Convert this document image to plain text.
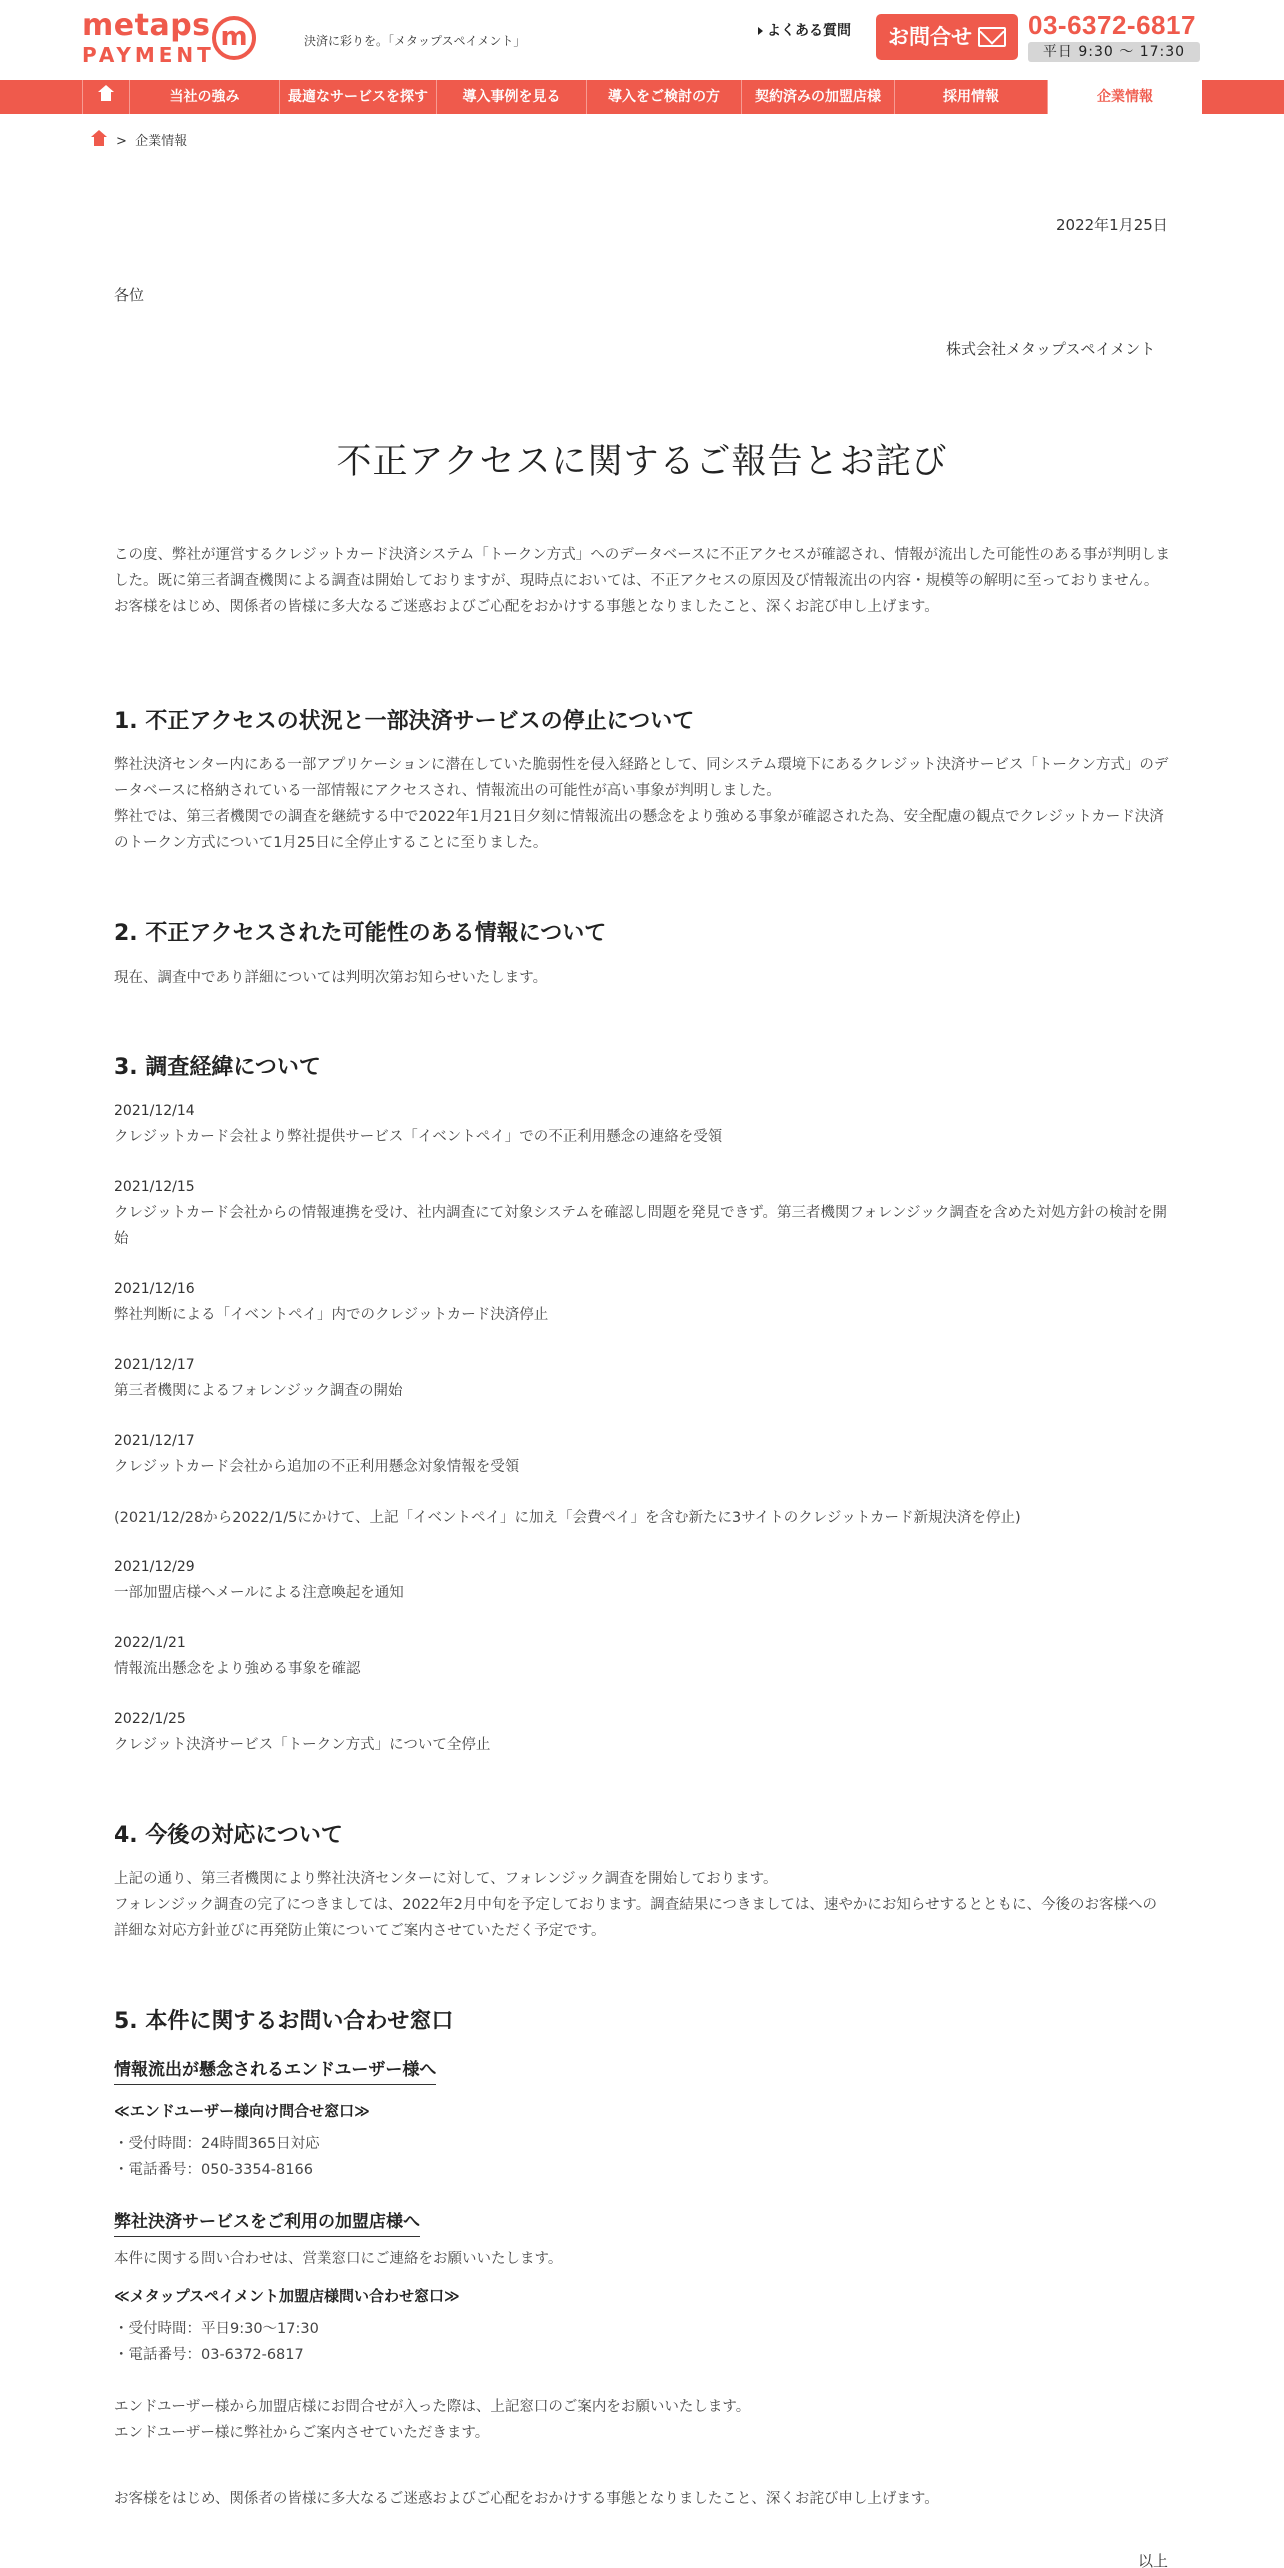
metaps
PAYMENT
m	決済に彩りを。「メタップスペイメント」
よくある質問	お問合せ	03-6372-6817
平日 9:30 〜 17:30
当社の強み	最適なサービスを探す	導入事例を見る	導入をご検討の方	契約済みの加盟店様	採用情報	企業情報
> 企業情報
2022年1月25日
各位
株式会社メタップスペイメント
不正アクセスに関するご報告とお詫び
この度、弊社が運営するクレジットカード決済システム「トークン方式」へのデータベースに不正アクセスが確認され、情報が流出した可能性のある事が判明しました。既に第三者調査機関による調査は開始しておりますが、現時点においては、不正アクセスの原因及び情報流出の内容・規模等の解明に至っておりません。
お客様をはじめ、関係者の皆様に多大なるご迷惑およびご心配をおかけする事態となりましたこと、深くお詫び申し上げます。
1. 不正アクセスの状況と一部決済サービスの停止について
弊社決済センター内にある一部アプリケーションに潜在していた脆弱性を侵入経路として、同システム環境下にあるクレジット決済サービス「トークン方式」のデータベースに格納されている一部情報にアクセスされ、情報流出の可能性が高い事象が判明しました。
弊社では、第三者機関での調査を継続する中で2022年1月21日夕刻に情報流出の懸念をより強める事象が確認された為、安全配慮の観点でクレジットカード決済のトークン方式について1月25日に全停止することに至りました。
2. 不正アクセスされた可能性のある情報について
現在、調査中であり詳細については判明次第お知らせいたします。
3. 調査経緯について
2021/12/14
クレジットカード会社より弊社提供サービス「イベントペイ」での不正利用懸念の連絡を受領
2021/12/15
クレジットカード会社からの情報連携を受け、社内調査にて対象システムを確認し問題を発見できず。第三者機関フォレンジック調査を含めた対処方針の検討を開始
2021/12/16
弊社判断による「イベントペイ」内でのクレジットカード決済停止
2021/12/17
第三者機関によるフォレンジック調査の開始
2021/12/17
クレジットカード会社から追加の不正利用懸念対象情報を受領
(2021/12/28から2022/1/5にかけて、上記「イベントペイ」に加え「会費ペイ」を含む新たに3サイトのクレジットカード新規決済を停止)
2021/12/29
一部加盟店様へメールによる注意喚起を通知
2022/1/21
情報流出懸念をより強める事象を確認
2022/1/25
クレジット決済サービス「トークン方式」について全停止
4. 今後の対応について
上記の通り、第三者機関により弊社決済センターに対して、フォレンジック調査を開始しております。
フォレンジック調査の完了につきましては、2022年2月中旬を予定しております。調査結果につきましては、速やかにお知らせするとともに、今後のお客様への詳細な対応方針並びに再発防止策についてご案内させていただく予定です。
5. 本件に関するお問い合わせ窓口
情報流出が懸念されるエンドユーザー様へ
≪エンドユーザー様向け問合せ窓口≫
・受付時間：24時間365日対応
・電話番号：050-3354-8166
弊社決済サービスをご利用の加盟店様へ
本件に関する問い合わせは、営業窓口にご連絡をお願いいたします。
≪メタップスペイメント加盟店様問い合わせ窓口≫
・受付時間：平日9:30～17:30
・電話番号：03-6372-6817
エンドユーザー様から加盟店様にお問合せが入った際は、上記窓口のご案内をお願いいたします。
エンドユーザー様に弊社からご案内させていただきます。
お客様をはじめ、関係者の皆様に多大なるご迷惑およびご心配をおかけする事態となりましたこと、深くお詫び申し上げます。
以上
